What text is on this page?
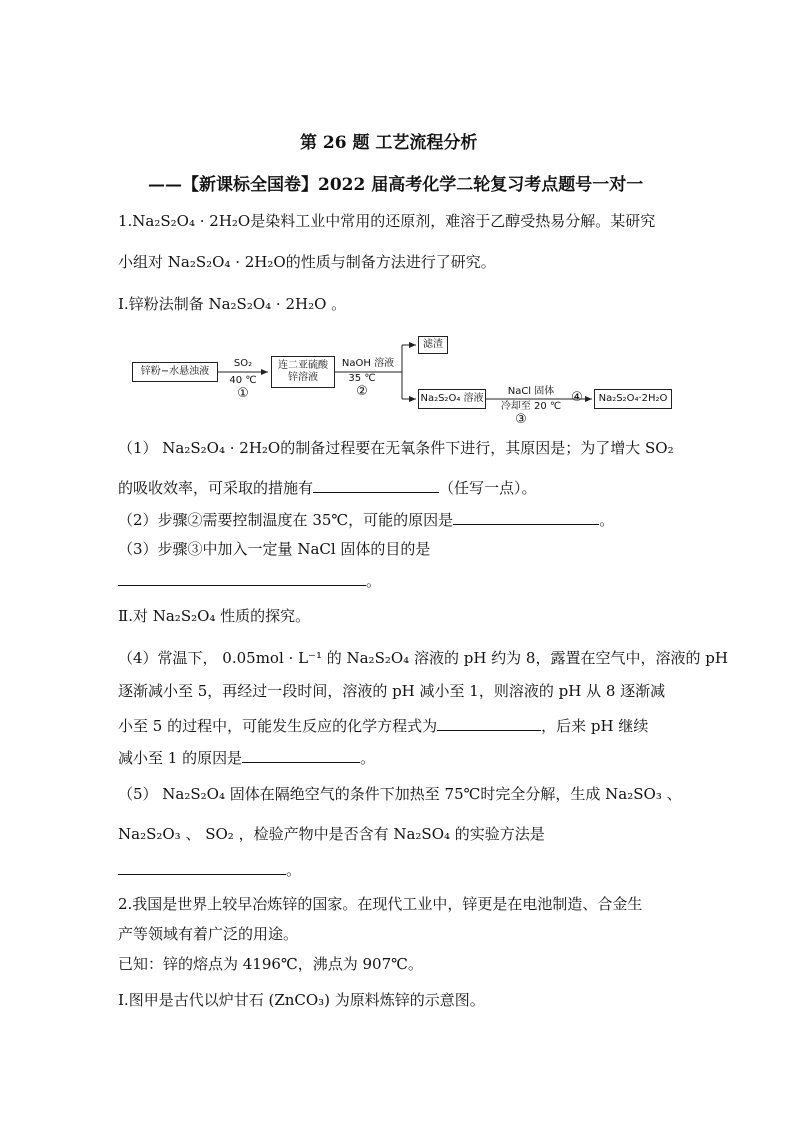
第 26 题 工艺流程分析
——【新课标全国卷】2022 届高考化学二轮复习考点题号一对一
1.Na₂S₂O₄ · 2H₂O是染料工业中常用的还原剂，难溶于乙醇受热易分解。某研究
小组对 Na₂S₂O₄ · 2H₂O的性质与制备方法进行了研究。
Ⅰ.锌粉法制备 Na₂S₂O₄ · 2H₂O 。
锌粉−水悬浊液
SO₂
40 ℃
①
连二亚硫酸锌溶液
NaOH 溶液
35 ℃
②
滤渣
Na₂S₂O₄ 溶液
NaCl 固体
冷却至 20 ℃
③
④	Na₂S₂O₄·2H₂O
（1） Na₂S₂O₄ · 2H₂O的制备过程要在无氧条件下进行，其原因是；为了增大 SO₂
的吸收效率，可采取的措施有	（任写一点）。
（2）步骤②需要控制温度在 35℃，可能的原因是	。
（3）步骤③中加入一定量 NaCl 固体的目的是
。
Ⅱ.对 Na₂S₂O₄ 性质的探究。
（4）常温下， 0.05mol · L⁻¹ 的 Na₂S₂O₄ 溶液的 pH 约为 8，露置在空气中，溶液的 pH
逐渐减小至 5，再经过一段时间，溶液的 pH 减小至 1，则溶液的 pH 从 8 逐渐减
小至 5 的过程中，可能发生反应的化学方程式为	，后来 pH 继续
减小至 1 的原因是	。
（5） Na₂S₂O₄ 固体在隔绝空气的条件下加热至 75℃时完全分解，生成 Na₂SO₃ 、
Na₂S₂O₃ 、 SO₂ ，检验产物中是否含有 Na₂SO₄ 的实验方法是
。
2.我国是世界上较早冶炼锌的国家。在现代工业中，锌更是在电池制造、合金生
产等领域有着广泛的用途。
已知：锌的熔点为 4196℃，沸点为 907℃。
Ⅰ.图甲是古代以炉甘石 (ZnCO₃) 为原料炼锌的示意图。
